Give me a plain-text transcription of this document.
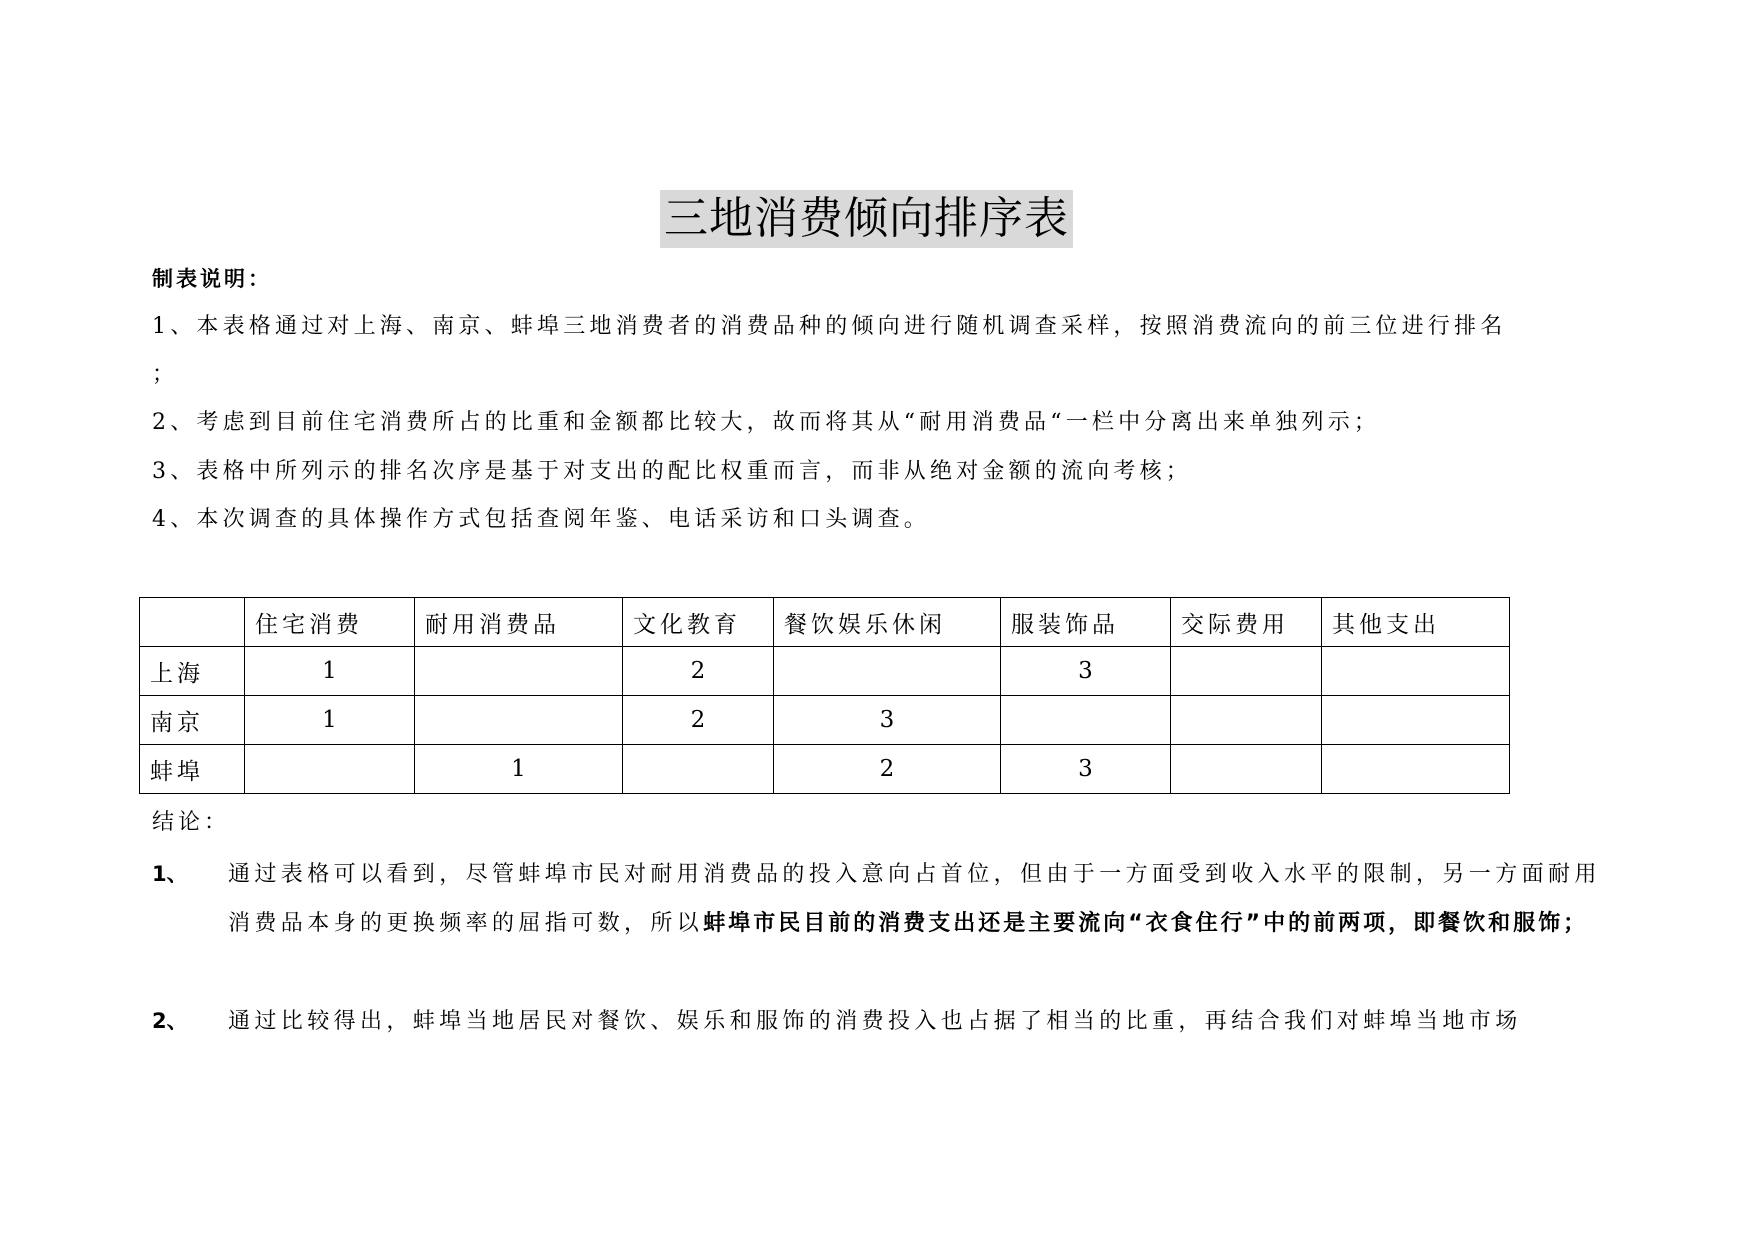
三地消费倾向排序表
制表说明：
1、本表格通过对上海、南京、蚌埠三地消费者的消费品种的倾向进行随机调查采样，按照消费流向的前三位进行排名
；
2、考虑到目前住宅消费所占的比重和金额都比较大，故而将其从“耐用消费品“一栏中分离出来单独列示；
3、表格中所列示的排名次序是基于对支出的配比权重而言，而非从绝对金额的流向考核；
4、本次调查的具体操作方式包括查阅年鉴、电话采访和口头调查。
	住宅消费	耐用消费品	文化教育	餐饮娱乐休闲	服装饰品	交际费用	其他支出
上海	1		2		3		
南京	1		2	3			
蚌埠		1		2	3		
结论：
1、 通过表格可以看到，尽管蚌埠市民对耐用消费品的投入意向占首位，但由于一方面受到收入水平的限制，另一方面耐用消费品本身的更换频率的屈指可数，所以蚌埠市民目前的消费支出还是主要流向“衣食住行”中的前两项，即餐饮和服饰；
2、 通过比较得出，蚌埠当地居民对餐饮、娱乐和服饰的消费投入也占据了相当的比重，再结合我们对蚌埠当地市场
